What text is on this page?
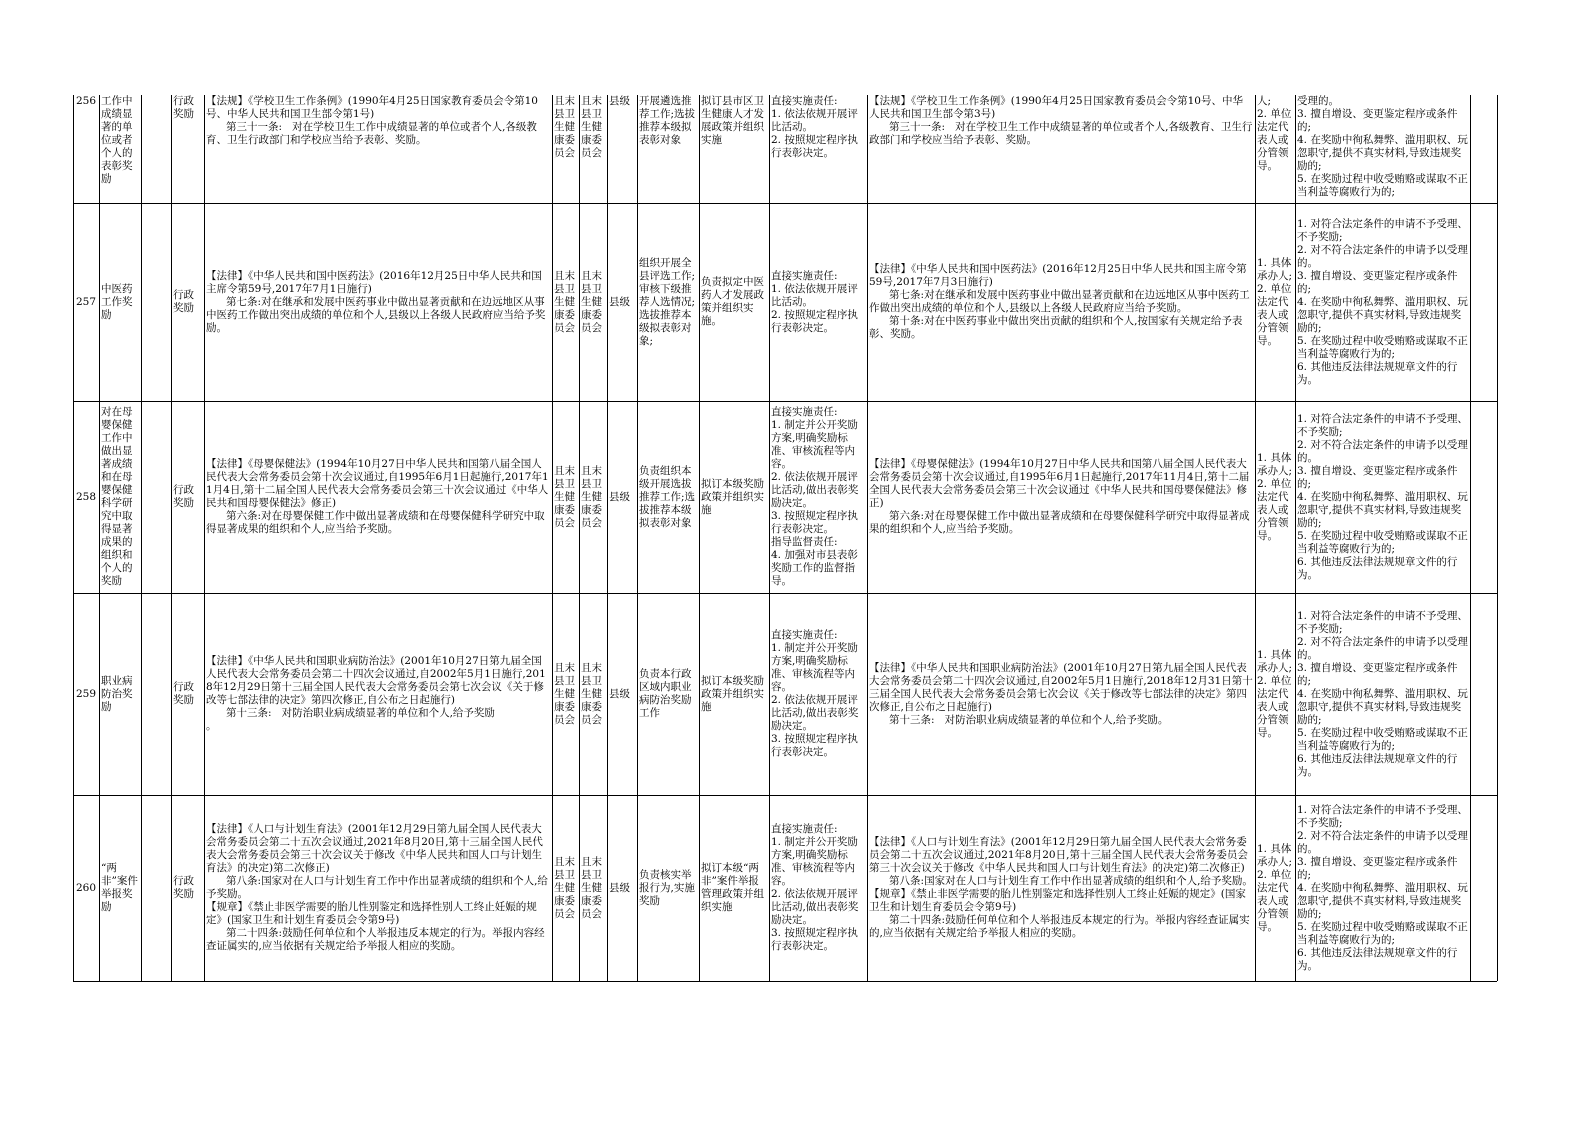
256 工作中成绩显著的单位或者个人的表彰奖励
行政奖励
【法规】《学校卫生工作条例》(1990年4月25日国家教育委员会令第10号、中华人民共和国卫生部令第1号)
第三十一条:   对在学校卫生工作中成绩显著的单位或者个人,各级教育、卫生行政部门和学校应当给予表彰、奖励。
且末县卫生健康委员会
且末县卫生健康委员会
县级 开展遴选推荐工作;选拔推荐本级拟表彰对象
拟订县市区卫生健康人才发展政策并组织实施
直接实施责任:
1. 依法依规开展评比活动。
2. 按照规定程序执行表彰决定。
【法规】《学校卫生工作条例》(1990年4月25日国家教育委员会令第10号、中华人民共和国卫生部令第3号)
第三十一条:   对在学校卫生工作中成绩显著的单位或者个人,各级教育、卫生行政部门和学校应当给予表彰、奖励。
人;
2. 单位法定代表人或分管领导。
受理的。
3. 擅自增设、变更鉴定程序或条件的;
4. 在奖励中徇私舞弊、滥用职权、玩忽职守,提供不真实材料,导致违规奖励的;
5. 在奖励过程中收受贿赂或谋取不正当利益等腐败行为的;
257
中医药工作奖励
行政奖励
【法律】《中华人民共和国中医药法》(2016年12月25日中华人民共和国主席令第59号,2017年7月1日施行)
第七条:对在继承和发展中医药事业中做出显著贡献和在边远地区从事中医药工作做出突出成绩的单位和个人,县级以上各级人民政府应当给予奖励。
且末县卫生健康委员会
且末县卫生健康委员会
县级
组织开展全县评选工作;审核下级推荐人选情况;选拔推荐本级拟表彰对象;
负责拟定中医药人才发展政策并组织实施。
直接实施责任:
1. 依法依规开展评比活动。
2. 按照规定程序执行表彰决定。
【法律】《中华人民共和国中医药法》(2016年12月25日中华人民共和国主席令第59号,2017年7月3日施行)
第七条:对在继承和发展中医药事业中做出显著贡献和在边远地区从事中医药工作做出突出成绩的单位和个人,县级以上各级人民政府应当给予奖励。
第十条:对在中医药事业中做出突出贡献的组织和个人,按国家有关规定给予表彰、奖励。
1. 具体承办人;
2. 单位法定代表人或分管领导。
1. 对符合法定条件的申请不予受理、不予奖励;
2. 对不符合法定条件的申请予以受理的。
3. 擅自增设、变更鉴定程序或条件的;
4. 在奖励中徇私舞弊、滥用职权、玩忽职守,提供不真实材料,导致违规奖励的;
5. 在奖励过程中收受贿赂或谋取不正当利益等腐败行为的;
6. 其他违反法律法规规章文件的行为。
258
对在母婴保健工作中做出显著成绩和在母婴保健科学研究中取得显著成果的组织和个人的奖励
行政奖励
【法律】《母婴保健法》(1994年10月27日中华人民共和国第八届全国人民代表大会常务委员会第十次会议通过,自1995年6月1日起施行,2017年11月4日,第十二届全国人民代表大会常务委员会第三十次会议通过《中华人民共和国母婴保健法》修正)
第六条:对在母婴保健工作中做出显著成绩和在母婴保健科学研究中取得显著成果的组织和个人,应当给予奖励。
且末县卫生健康委员会
且末县卫生健康委员会
县级
负责组织本级开展选拔推荐工作;选拔推荐本级拟表彰对象
拟订本级奖励政策并组织实施
直接实施责任:
1. 制定并公开奖励方案,明确奖励标准、审核流程等内容。
2. 依法依规开展评比活动,做出表彰奖励决定。
3. 按照规定程序执行表彰决定。
指导监督责任:
4. 加强对市县表彰奖励工作的监督指导。
【法律】《母婴保健法》(1994年10月27日中华人民共和国第八届全国人民代表大会常务委员会第十次会议通过,自1995年6月1日起施行,2017年11月4日,第十二届全国人民代表大会常务委员会第三十次会议通过《中华人民共和国母婴保健法》修正)
第六条:对在母婴保健工作中做出显著成绩和在母婴保健科学研究中取得显著成果的组织和个人,应当给予奖励。
1. 具体承办人;
2. 单位法定代表人或分管领导。
1. 对符合法定条件的申请不予受理、不予奖励;
2. 对不符合法定条件的申请予以受理的。
3. 擅自增设、变更鉴定程序或条件的;
4. 在奖励中徇私舞弊、滥用职权、玩忽职守,提供不真实材料,导致违规奖励的;
5. 在奖励过程中收受贿赂或谋取不正当利益等腐败行为的;
6. 其他违反法律法规规章文件的行为。
259
职业病防治奖励
行政奖励
【法律】《中华人民共和国职业病防治法》(2001年10月27日第九届全国人民代表大会常务委员会第二十四次会议通过,自2002年5月1日施行,2018年12月29日第十三届全国人民代表大会常务委员会第七次会议《关于修改等七部法律的决定》第四次修正,自公布之日起施行)
第十三条:   对防治职业病成绩显著的单位和个人,给予奖励
。
且末县卫生健康委员会
且末县卫生健康委员会
县级
负责本行政区域内职业病防治奖励工作
拟订本级奖励政策并组织实施
直接实施责任:
1. 制定并公开奖励方案,明确奖励标准、审核流程等内容。
2. 依法依规开展评比活动,做出表彰奖励决定。
3. 按照规定程序执行表彰决定。
【法律】《中华人民共和国职业病防治法》(2001年10月27日第九届全国人民代表大会常务委员会第二十四次会议通过,自2002年5月1日施行,2018年12月31日第十三届全国人民代表大会常务委员会第七次会议《关于修改等七部法律的决定》第四次修正,自公布之日起施行)
第十三条:   对防治职业病成绩显著的单位和个人,给予奖励。
1. 具体承办人;
2. 单位法定代表人或分管领导。
1. 对符合法定条件的申请不予受理、不予奖励;
2. 对不符合法定条件的申请予以受理的。
3. 擅自增设、变更鉴定程序或条件的;
4. 在奖励中徇私舞弊、滥用职权、玩忽职守,提供不真实材料,导致违规奖励的;
5. 在奖励过程中收受贿赂或谋取不正当利益等腐败行为的;
6. 其他违反法律法规规章文件的行为。
260
“两非”案件举报奖励
行政奖励
【法律】《人口与计划生育法》(2001年12月29日第九届全国人民代表大会常务委员会第二十五次会议通过,2021年8月20日,第十三届全国人民代表大会常务委员会第三十次会议关于修改《中华人民共和国人口与计划生育法》的决定)第二次修正)
第八条:国家对在人口与计划生育工作中作出显著成绩的组织和个人,给予奖励。
【规章】《禁止非医学需要的胎儿性别鉴定和选择性别人工终止妊娠的规定》(国家卫生和计划生育委员会令第9号)
第二十四条:鼓励任何单位和个人举报违反本规定的行为。举报内容经查证属实的,应当依据有关规定给予举报人相应的奖励。
且末县卫生健康委员会
且末县卫生健康委员会
县级
负责核实举报行为,实施奖励
拟订本级“两非”案件举报管理政策并组织实施
直接实施责任:
1. 制定并公开奖励方案,明确奖励标准、审核流程等内容。
2. 依法依规开展评比活动,做出表彰奖励决定。
3. 按照规定程序执行表彰决定。
【法律】《人口与计划生育法》(2001年12月29日第九届全国人民代表大会常务委员会第二十五次会议通过,2021年8月20日,第十三届全国人民代表大会常务委员会第三十次会议关于修改《中华人民共和国人口与计划生育法》的决定)第二次修正)
第八条:国家对在人口与计划生育工作中作出显著成绩的组织和个人,给予奖励。
【规章】《禁止非医学需要的胎儿性别鉴定和选择性别人工终止妊娠的规定》(国家卫生和计划生育委员会令第9号)
第二十四条:鼓励任何单位和个人举报违反本规定的行为。举报内容经查证属实的,应当依据有关规定给予举报人相应的奖励。
1. 具体承办人;
2. 单位法定代表人或分管领导。
1. 对符合法定条件的申请不予受理、不予奖励;
2. 对不符合法定条件的申请予以受理的。
3. 擅自增设、变更鉴定程序或条件的;
4. 在奖励中徇私舞弊、滥用职权、玩忽职守,提供不真实材料,导致违规奖励的;
5. 在奖励过程中收受贿赂或谋取不正当利益等腐败行为的;
6. 其他违反法律法规规章文件的行为。
